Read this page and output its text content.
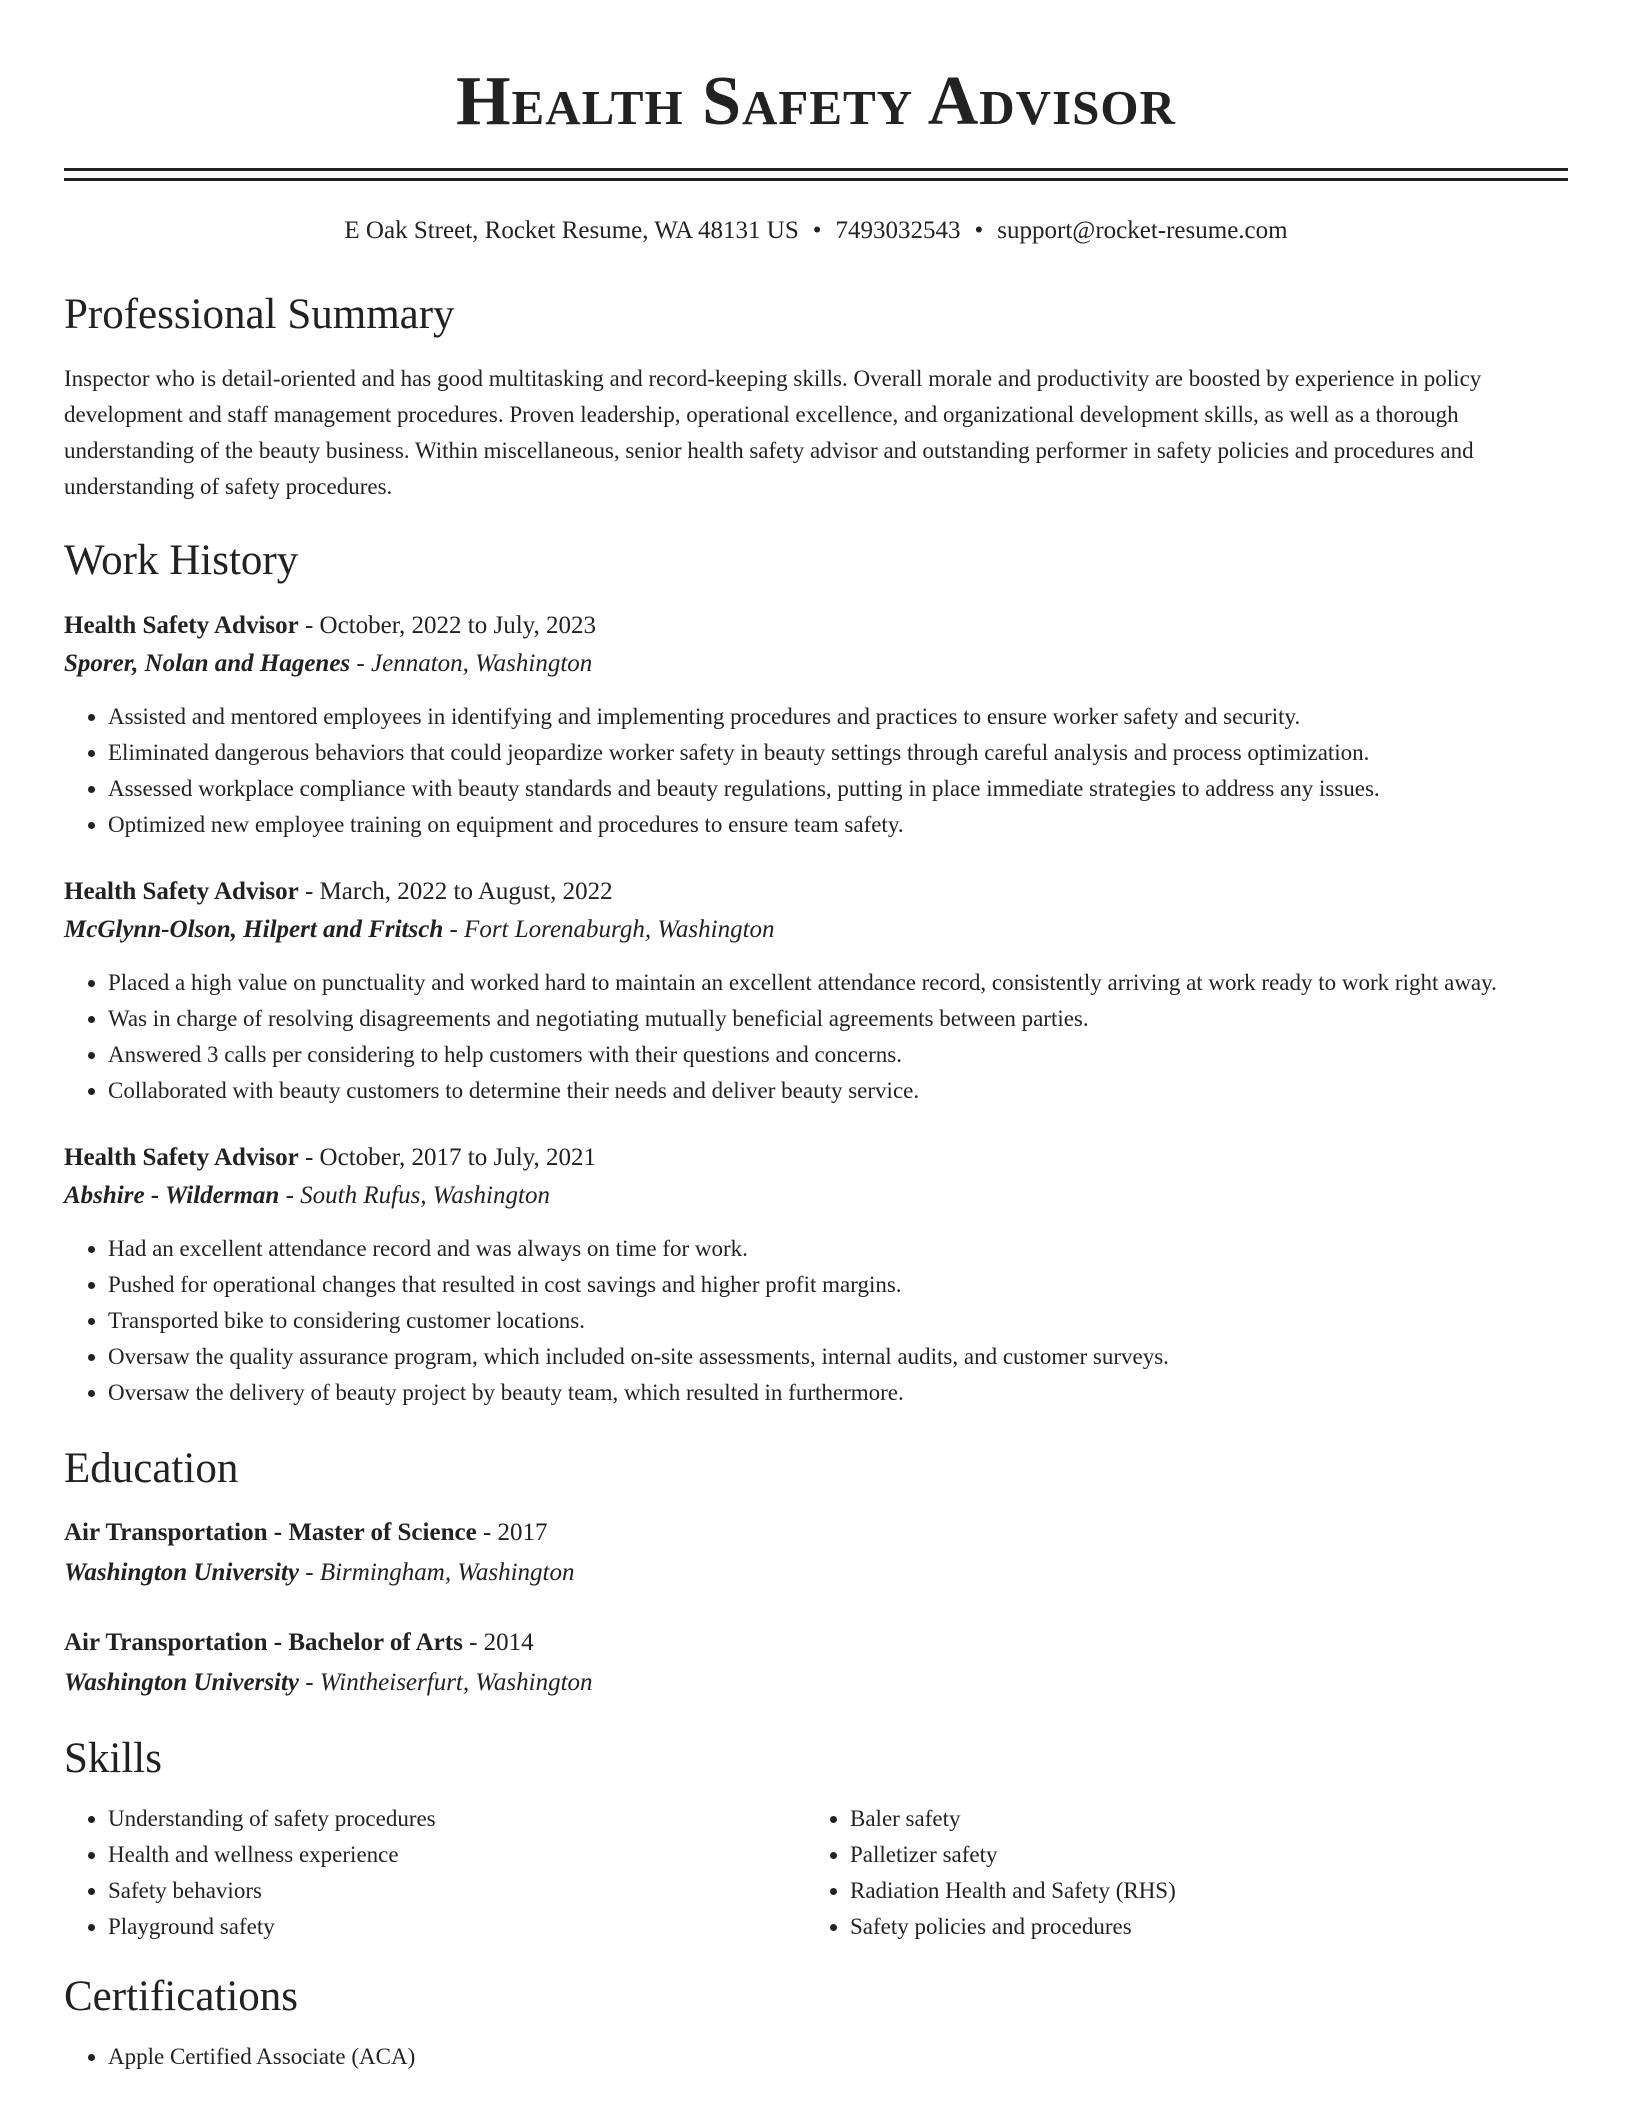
Health Safety Advisor
E Oak Street, Rocket Resume, WA 48131 US • 7493032543 • support@rocket-resume.com
Professional Summary

Inspector who is detail-oriented and has good multitasking and record-keeping skills. Overall morale and productivity are boosted by experience in policy development and staff management procedures. Proven leadership, operational excellence, and organizational development skills, as well as a thorough understanding of the beauty business. Within miscellaneous, senior health safety advisor and outstanding performer in safety policies and procedures and understanding of safety procedures.

Work History
Health Safety Advisor - October, 2022 to July, 2023
Sporer, Nolan and Hagenes - Jennaton, Washington
• Assisted and mentored employees in identifying and implementing procedures and practices to ensure worker safety and security.
• Eliminated dangerous behaviors that could jeopardize worker safety in beauty settings through careful analysis and process optimization.
• Assessed workplace compliance with beauty standards and beauty regulations, putting in place immediate strategies to address any issues.
• Optimized new employee training on equipment and procedures to ensure team safety.
Health Safety Advisor - March, 2022 to August, 2022
McGlynn-Olson, Hilpert and Fritsch - Fort Lorenaburgh, Washington
• Placed a high value on punctuality and worked hard to maintain an excellent attendance record, consistently arriving at work ready to work right away.
• Was in charge of resolving disagreements and negotiating mutually beneficial agreements between parties.
• Answered 3 calls per considering to help customers with their questions and concerns.
• Collaborated with beauty customers to determine their needs and deliver beauty service.
Health Safety Advisor - October, 2017 to July, 2021
Abshire - Wilderman - South Rufus, Washington
• Had an excellent attendance record and was always on time for work.
• Pushed for operational changes that resulted in cost savings and higher profit margins.
• Transported bike to considering customer locations.
• Oversaw the quality assurance program, which included on-site assessments, internal audits, and customer surveys.
• Oversaw the delivery of beauty project by beauty team, which resulted in furthermore.
Education
Air Transportation - Master of Science - 2017
Washington University - Birmingham, Washington
Air Transportation - Bachelor of Arts - 2014
Washington University - Wintheiserfurt, Washington
Skills
• Understanding of safety procedures
• Health and wellness experience
• Safety behaviors
• Playground safety
• Baler safety
• Palletizer safety
• Radiation Health and Safety (RHS)
• Safety policies and procedures
Certifications
• Apple Certified Associate (ACA)
